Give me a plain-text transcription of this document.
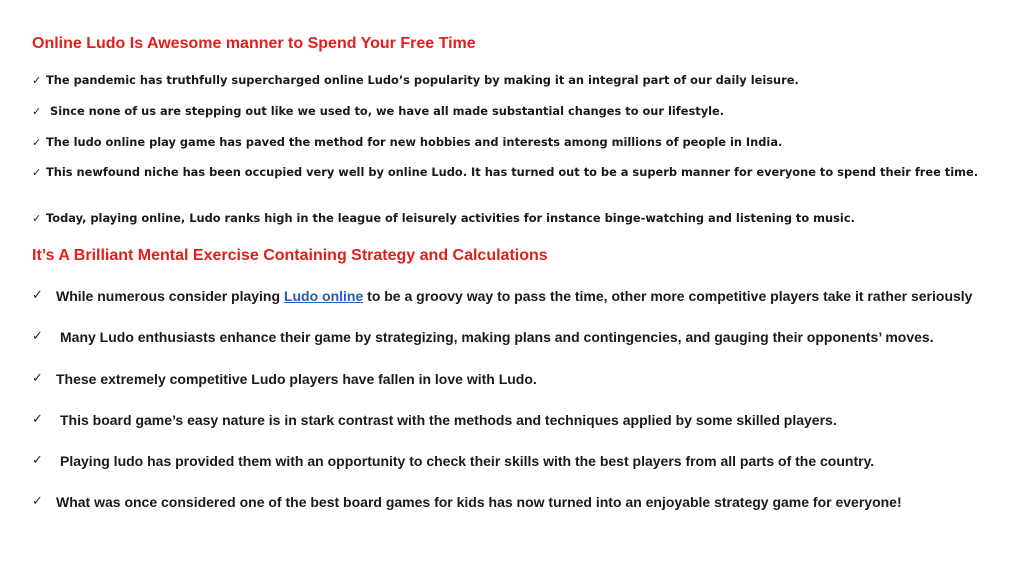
Online Ludo Is Awesome manner to Spend Your Free Time
✓ The pandemic has truthfully supercharged online Ludo’s popularity by making it an integral part of our daily leisure.
✓ Since none of us are stepping out like we used to, we have all made substantial changes to our lifestyle.
✓ The ludo online play game has paved the method for new hobbies and interests among millions of people in India.
✓ This newfound niche has been occupied very well by online Ludo. It has turned out to be a superb manner for everyone to spend their free time.
✓ Today, playing online, Ludo ranks high in the league of leisurely activities for instance binge-watching and listening to music.
It’s A Brilliant Mental Exercise Containing Strategy and Calculations
✓ While numerous consider playing Ludo online to be a groovy way to pass the time, other more competitive players take it rather seriously
✓	Many Ludo enthusiasts enhance their game by strategizing, making plans and contingencies, and gauging their opponents’ moves.
✓ These extremely competitive Ludo players have fallen in love with Ludo.
✓	This board game’s easy nature is in stark contrast with the methods and techniques applied by some skilled players.
✓	Playing ludo has provided them with an opportunity to check their skills with the best players from all parts of the country.
✓ What was once considered one of the best board games for kids has now turned into an enjoyable strategy game for everyone!
